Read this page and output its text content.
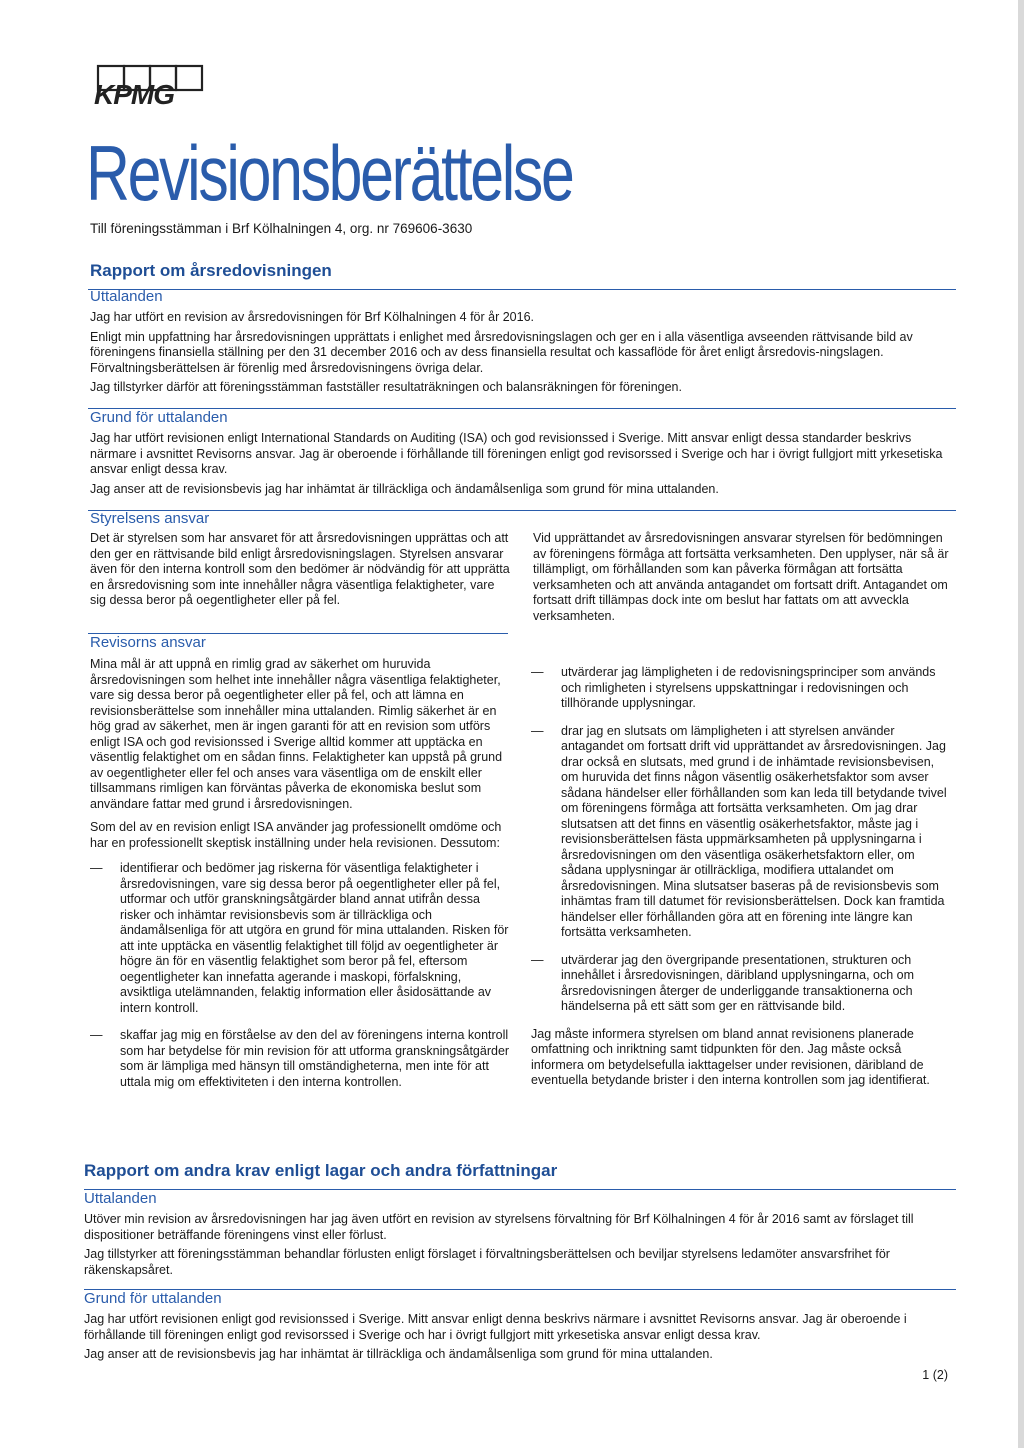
KPMG
Revisionsberättelse
Till föreningsstämman i Brf Kölhalningen 4, org. nr 769606-3630
Rapport om årsredovisningen
Uttalanden

Jag har utfört en revision av årsredovisningen för Brf Kölhalningen 4 för år 2016.

Enligt min uppfattning har årsredovisningen upprättats i enlighet med årsredovisningslagen och ger en i alla väsentliga avseenden rättvisande bild av föreningens finansiella ställning per den 31 december 2016 och av dess finansiella resultat och kassaflöde för året enligt årsredovis-ningslagen. Förvaltningsberättelsen är förenlig med årsredovisningens övriga delar.

Jag tillstyrker därför att föreningsstämman fastställer resultaträkningen och balansräkningen för föreningen.

Grund för uttalanden

Jag har utfört revisionen enligt International Standards on Auditing (ISA) och god revisionssed i Sverige. Mitt ansvar enligt dessa standarder beskrivs närmare i avsnittet Revisorns ansvar. Jag är oberoende i förhållande till föreningen enligt god revisorssed i Sverige och har i övrigt fullgjort mitt yrkesetiska ansvar enligt dessa krav.

Jag anser att de revisionsbevis jag har inhämtat är tillräckliga och ändamålsenliga som grund för mina uttalanden.

Styrelsens ansvar

Det är styrelsen som har ansvaret för att årsredovisningen upprättas och att den ger en rättvisande bild enligt årsredovisningslagen. Styrelsen ansvarar även för den interna kontroll som den bedömer är nödvändig för att upprätta en årsredovisning som inte innehåller några väsentliga felaktigheter, vare sig dessa beror på oegentligheter eller på fel.

Vid upprättandet av årsredovisningen ansvarar styrelsen för bedömningen av föreningens förmåga att fortsätta verksamheten. Den upplyser, när så är tillämpligt, om förhållanden som kan påverka förmågan att fortsätta verksamheten och att använda antagandet om fortsatt drift. Antagandet om fortsatt drift tillämpas dock inte om beslut har fattats om att avveckla verksamheten.

Revisorns ansvar

Mina mål är att uppnå en rimlig grad av säkerhet om huruvida årsredovisningen som helhet inte innehåller några väsentliga felaktigheter, vare sig dessa beror på oegentligheter eller på fel, och att lämna en revisionsberättelse som innehåller mina uttalanden. Rimlig säkerhet är en hög grad av säkerhet, men är ingen garanti för att en revision som utförs enligt ISA och god revisionssed i Sverige alltid kommer att upptäcka en väsentlig felaktighet om en sådan finns. Felaktigheter kan uppstå på grund av oegentligheter eller fel och anses vara väsentliga om de enskilt eller tillsammans rimligen kan förväntas påverka de ekonomiska beslut som användare fattar med grund i årsredovisningen.

Som del av en revision enligt ISA använder jag professionellt omdöme och har en professionellt skeptisk inställning under hela revisionen. Dessutom:

— identifierar och bedömer jag riskerna för väsentliga felaktigheter i årsredovisningen, vare sig dessa beror på oegentligheter eller på fel, utformar och utför granskningsåtgärder bland annat utifrån dessa risker och inhämtar revisionsbevis som är tillräckliga och ändamålsenliga för att utgöra en grund för mina uttalanden. Risken för att inte upptäcka en väsentlig felaktighet till följd av oegentligheter är högre än för en väsentlig felaktighet som beror på fel, eftersom oegentligheter kan innefatta agerande i maskopi, förfalskning, avsiktliga utelämnanden, felaktig information eller åsidosättande av intern kontroll.
— skaffar jag mig en förståelse av den del av föreningens interna kontroll som har betydelse för min revision för att utforma granskningsåtgärder som är lämpliga med hänsyn till omständigheterna, men inte för att uttala mig om effektiviteten i den interna kontrollen.
— utvärderar jag lämpligheten i de redovisningsprinciper som används och rimligheten i styrelsens uppskattningar i redovisningen och tillhörande upplysningar.
— drar jag en slutsats om lämpligheten i att styrelsen använder antagandet om fortsatt drift vid upprättandet av årsredovisningen. Jag drar också en slutsats, med grund i de inhämtade revisionsbevisen, om huruvida det finns någon väsentlig osäkerhetsfaktor som avser sådana händelser eller förhållanden som kan leda till betydande tvivel om föreningens förmåga att fortsätta verksamheten. Om jag drar slutsatsen att det finns en väsentlig osäkerhetsfaktor, måste jag i revisionsberättelsen fästa uppmärksamheten på upplysningarna i årsredovisningen om den väsentliga osäkerhetsfaktorn eller, om sådana upplysningar är otillräckliga, modifiera uttalandet om årsredovisningen. Mina slutsatser baseras på de revisionsbevis som inhämtas fram till datumet för revisionsberättelsen. Dock kan framtida händelser eller förhållanden göra att en förening inte längre kan fortsätta verksamheten.
— utvärderar jag den övergripande presentationen, strukturen och innehållet i årsredovisningen, däribland upplysningarna, och om årsredovisningen återger de underliggande transaktionerna och händelserna på ett sätt som ger en rättvisande bild.

Jag måste informera styrelsen om bland annat revisionens planerade omfattning och inriktning samt tidpunkten för den. Jag måste också informera om betydelsefulla iakttagelser under revisionen, däribland de eventuella betydande brister i den interna kontrollen som jag identifierat.

Rapport om andra krav enligt lagar och andra författningar
Uttalanden

Utöver min revision av årsredovisningen har jag även utfört en revision av styrelsens förvaltning för Brf Kölhalningen 4 för år 2016 samt av förslaget till dispositioner beträffande föreningens vinst eller förlust.

Jag tillstyrker att föreningsstämman behandlar förlusten enligt förslaget i förvaltningsberättelsen och beviljar styrelsens ledamöter ansvarsfrihet för räkenskapsåret.

Grund för uttalanden

Jag har utfört revisionen enligt god revisionssed i Sverige. Mitt ansvar enligt denna beskrivs närmare i avsnittet Revisorns ansvar. Jag är oberoende i förhållande till föreningen enligt god revisorssed i Sverige och har i övrigt fullgjort mitt yrkesetiska ansvar enligt dessa krav.

Jag anser att de revisionsbevis jag har inhämtat är tillräckliga och ändamålsenliga som grund för mina uttalanden.

1 (2)
